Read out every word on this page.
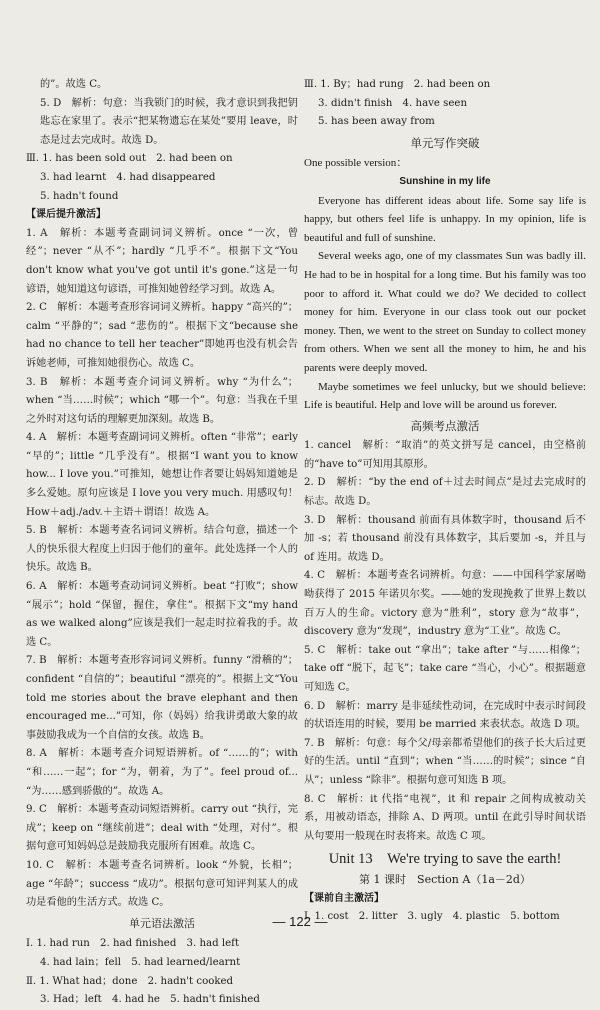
的”。故选 C。

5. D　解析：句意：当我锁门的时候，我才意识到我把钥匙忘在家里了。表示“把某物遗忘在某处”要用 leave，时态是过去完成时。故选 D。

Ⅲ. 1. has been sold out　2. had been on

3. had learnt　4. had disappeared

5. hadn't found

【课后提升激活】

1. A　解析：本题考查副词词义辨析。once “一次，曾经”；never “从不”；hardly “几乎不”。根据下文“You don't know what you've got until it's gone.”这是一句谚语，她知道这句谚语，可推知她曾经学习到。故选 A。

2. C　解析：本题考查形容词词义辨析。happy “高兴的”；calm “平静的”；sad “悲伤的”。根据下文“because she had no chance to tell her teacher”即她再也没有机会告诉她老师，可推知她很伤心。故选 C。

3. B　解析：本题考查介词词义辨析。why “为什么”；when “当……时候”；which “哪一个”。句意：当我在千里之外时对这句话的理解更加深刻。故选 B。

4. A　解析：本题考查副词词义辨析。often “非常”；early “早的”；little “几乎没有”。根据“I want you to know how... I love you.”可推知，她想让作者要让妈妈知道她是多么爱她。原句应该是 I love you very much. 用感叹句！How＋adj./adv.＋主语＋谓语！故选 A。

5. B　解析：本题考查名词词义辨析。结合句意，描述一个人的快乐很大程度上归因于他们的童年。此处选择一个人的快乐。故选 B。

6. A　解析：本题考查动词词义辨析。beat “打败”；show “展示”；hold “保留，握住，拿住”。根据下文“my hand as we walked along”应该是我们一起走时拉着我的手。故选 C。

7. B　解析：本题考查形容词词义辨析。funny “滑稽的”；confident “自信的”；beautiful “漂亮的”。根据上文“You told me stories about the brave elephant and then encouraged me...”可知，你（妈妈）给我讲勇敢大象的故事鼓励我成为一个自信的女孩。故选 B。

8. A　解析：本题考查介词短语辨析。of “……的”；with “和……一起”；for “为，朝着，为了”。feel proud of... “为……感到骄傲的”。故选 A。

9. C　解析：本题考查动词短语辨析。carry out “执行，完成”；keep on “继续前进”；deal with “处理，对付”。根据句意可知妈妈总是鼓励我克服所有困难。故选 C。

10. C　解析：本题考查名词辨析。look “外貌，长相”；age “年龄”；success “成功”。根据句意可知评判某人的成功是看他的生活方式。故选 C。

单元语法激活

Ⅰ. 1. had run　2. had finished　3. had left

4. had lain；fell　5. had learned/learnt

Ⅱ. 1. What had；done　2. hadn't cooked

3. Had；left　4. had he　5. hadn't finished

Ⅲ. 1. By；had rung　2. had been on

3. didn't finish　4. have seen

5. has been away from

单元写作突破

One possible version：

Sunshine in my life

Everyone has different ideas about life. Some say life is happy, but others feel life is unhappy. In my opinion, life is beautiful and full of sunshine.

Several weeks ago, one of my classmates Sun was badly ill. He had to be in hospital for a long time. But his family was too poor to afford it. What could we do? We decided to collect money for him. Everyone in our class took out our pocket money. Then, we went to the street on Sunday to collect money from others. When we sent all the money to him, he and his parents were deeply moved.

Maybe sometimes we feel unlucky, but we should believe: Life is beautiful. Help and love will be around us forever.

高频考点激活

1. cancel　解析：“取消”的英文拼写是 cancel，由空格前的“have to”可知用其原形。

2. D　解析：“by the end of＋过去时间点”是过去完成时的标志。故选 D。

3. D　解析：thousand 前面有具体数字时，thousand 后不加 -s；若 thousand 前没有具体数字，其后要加 -s，并且与 of 连用。故选 D。

4. C　解析：本题考查名词辨析。句意：——中国科学家屠呦呦获得了 2015 年诺贝尔奖。——她的发现挽救了世界上数以百万人的生命。victory 意为“胜利”，story 意为“故事”，discovery 意为“发现”，industry 意为“工业”。故选 C。

5. C　解析：take out “拿出”；take after “与……相像”；take off “脱下，起飞”；take care “当心，小心”。根据题意可知选 C。

6. D　解析：marry 是非延续性动词，在完成时中表示时间段的状语连用的时候，要用 be married 来表状态。故选 D 项。

7. B　解析：句意：每个父/母亲都希望他们的孩子长大后过更好的生活。until “直到”；when “当……的时候”；since “自从”；unless “除非”。根据句意可知选 B 项。

8. C　解析：it 代指“电视”，it 和 repair 之间构成被动关系，用被动语态，排除 A、D 两项。until 在此引导时间状语从句要用一般现在时表将来。故选 C 项。

Unit 13　We're trying to save the earth!

第 1 课时　Section A（1a－2d）

【课前自主激活】

Ⅰ. 1. cost　2. litter　3. ugly　4. plastic　5. bottom

— 122 —
